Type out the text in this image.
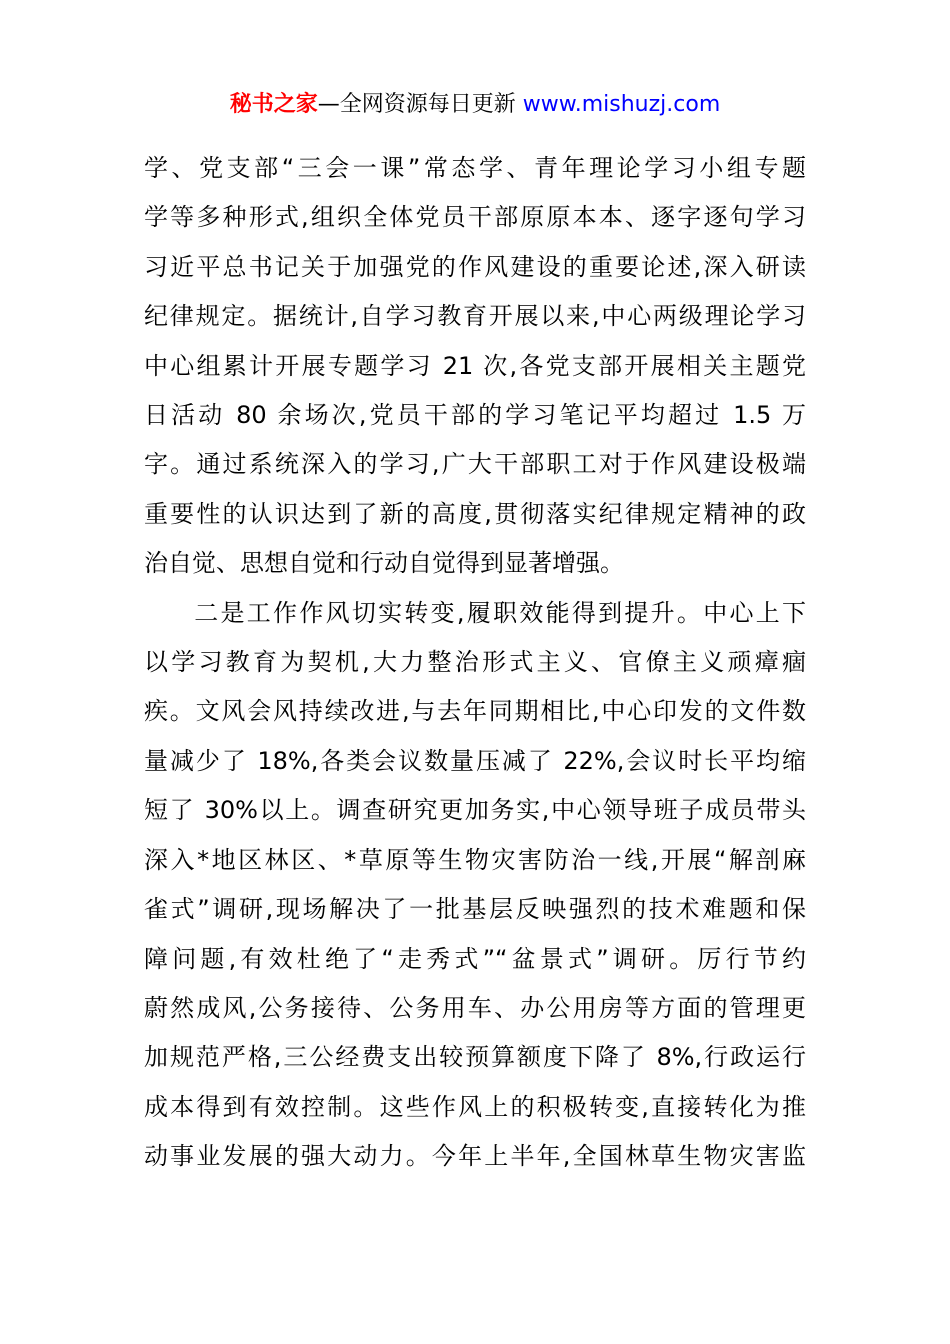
秘书之家—全网资源每日更新 www.mishuzj.com
学、党支部“三会一课”常态学、青年理论学习小组专题
学等多种形式,组织全体党员干部原原本本、逐字逐句学习
习近平总书记关于加强党的作风建设的重要论述,深入研读
纪律规定。据统计,自学习教育开展以来,中心两级理论学习
中心组累计开展专题学习 21 次,各党支部开展相关主题党
日活动 80 余场次,党员干部的学习笔记平均超过 1.5 万
字。通过系统深入的学习,广大干部职工对于作风建设极端
重要性的认识达到了新的高度,贯彻落实纪律规定精神的政
治自觉、思想自觉和行动自觉得到显著增强。
二是工作作风切实转变,履职效能得到提升。中心上下
以学习教育为契机,大力整治形式主义、官僚主义顽瘴痼
疾。文风会风持续改进,与去年同期相比,中心印发的文件数
量减少了 18%,各类会议数量压减了 22%,会议时长平均缩
短了 30%以上。调查研究更加务实,中心领导班子成员带头
深入*地区林区、*草原等生物灾害防治一线,开展“解剖麻
雀式”调研,现场解决了一批基层反映强烈的技术难题和保
障问题,有效杜绝了“走秀式”“盆景式”调研。厉行节约
蔚然成风,公务接待、公务用车、办公用房等方面的管理更
加规范严格,三公经费支出较预算额度下降了 8%,行政运行
成本得到有效控制。这些作风上的积极转变,直接转化为推
动事业发展的强大动力。今年上半年,全国林草生物灾害监
